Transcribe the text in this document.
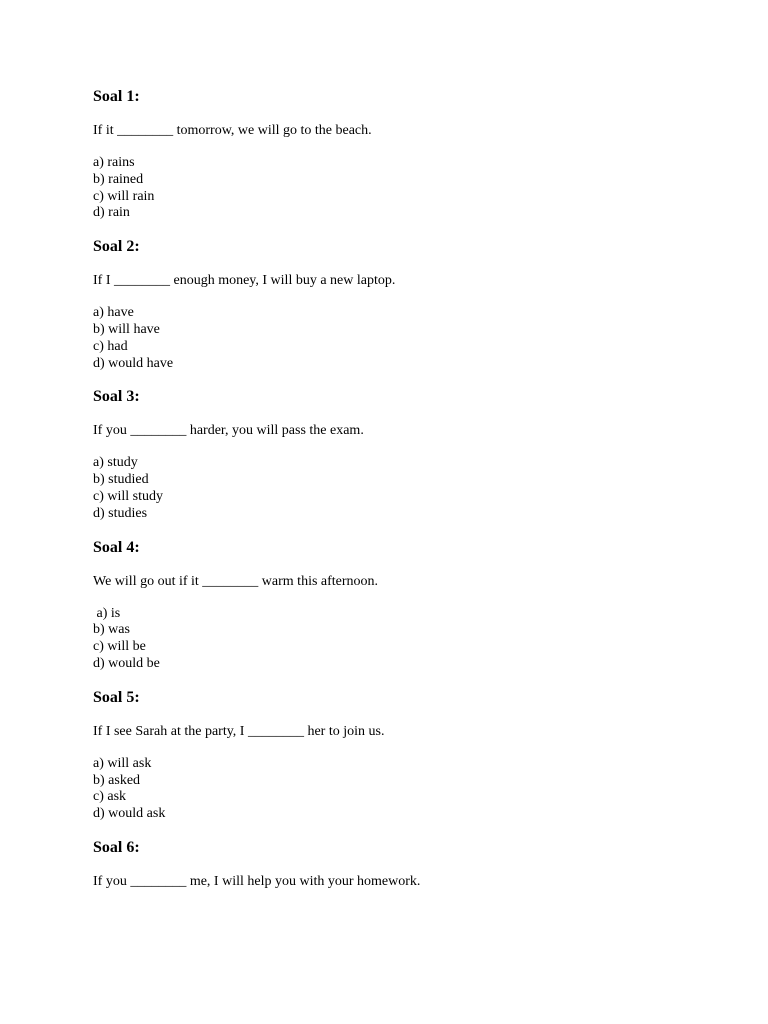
Soal 1:

If it ________ tomorrow, we will go to the beach.

a) rains
b) rained
c) will rain
d) rain
Soal 2:

If I ________ enough money, I will buy a new laptop.

a) have
b) will have
c) had
d) would have
Soal 3:

If you ________ harder, you will pass the exam.

a) study
b) studied
c) will study
d) studies
Soal 4:

We will go out if it ________ warm this afternoon.

a) is
b) was
c) will be
d) would be
Soal 5:

If I see Sarah at the party, I ________ her to join us.

a) will ask
b) asked
c) ask
d) would ask
Soal 6:

If you ________ me, I will help you with your homework.
